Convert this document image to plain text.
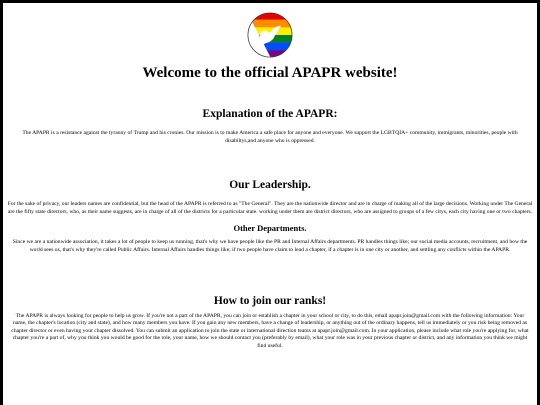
Welcome to the official APAPR website!
Explanation of the APAPR:

The APAPR is a resistance against the tyranny of Trump and his cronies. Our mission is to make America a safe place for anyone and everyone. We support the LGBTQIA+ community, immigrants, minorities, people with disabiltys,and anyone who is oppressed.

Our Leadership.

For the sake of privacy, our leaders names are confidential, but the head of the APAPR is referred to as "The General". They are the nationwide director and are in charge of making all of the large decisions. Working under The General are the fifty state directors, who, as their name suggests, are in charge of all of the districts for a particular state. working under them are district directors, who are assigned to groups of a few citys, each city having one or two chapters.

Other Departments.

Since we are a nationwide association, it takes a lot of people to keep us running, that's why we have people like the PR and Internal Affairs departments. PR handles things like; our social media accounts, recruitment, and how the world sees us, that's why they're called Public Affairs. Internal Affairs handles things like; if two people have claim to lead a chapter, if a chapter is in one city or another, and settling any conflicts within the APAPR.

How to join our ranks!

The APAPR is always looking for people to help us grow. If you're not a part of the APAPR, you can join or establish a chapter in your school or city, to do this, email apapr.join@gmail.com with the following information: Your name, the chapter's location (city and state), and how many members you have. If you gain any new members, have a change of leadership, or anything out of the ordinary happens, tell us immediately or you risk being removed as chapter director or even having your chapter dissolved. You can submit an application to join the state or international direction teams at apapr.join@gmail.com. In your application, please include what role you're applying for, what chapter you're a part of, why you think you would be good for the role, your name, how we should contact you (preferably by email), what your role was in your previous chapter or district, and any information you think we might find useful.
